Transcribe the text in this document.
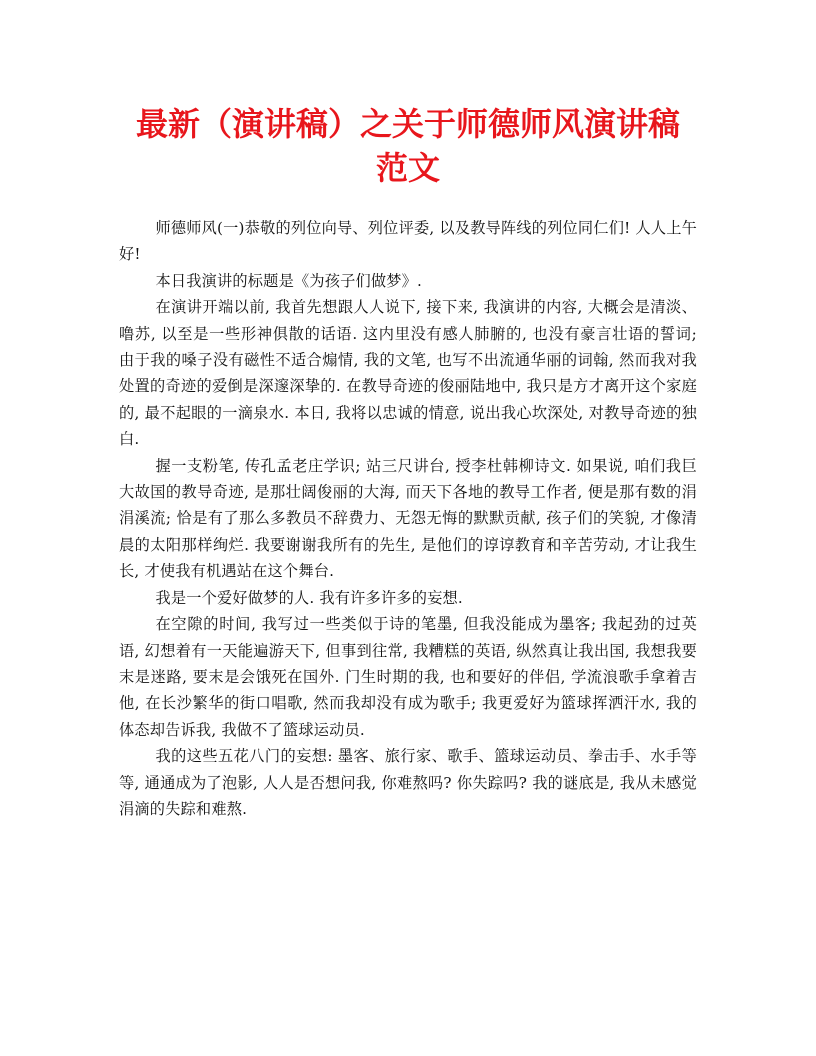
最新（演讲稿）之关于师德师风演讲稿
范文

师德师风(一)恭敬的列位向导、列位评委, 以及教导阵线的列位同仁们! 人人上午好!

本日我演讲的标题是《为孩子们做梦》.

在演讲开端以前, 我首先想跟人人说下, 接下来, 我演讲的内容, 大概会是清淡、噜苏, 以至是一些形神俱散的话语. 这内里没有感人肺腑的, 也没有豪言壮语的誓词; 由于我的嗓子没有磁性不适合煽情, 我的文笔, 也写不出流通华丽的词翰, 然而我对我处置的奇迹的爱倒是深邃深挚的. 在教导奇迹的俊丽陆地中, 我只是方才离开这个家庭的, 最不起眼的一滴泉水. 本日, 我将以忠诚的情意, 说出我心坎深处, 对教导奇迹的独白.

握一支粉笔, 传孔孟老庄学识; 站三尺讲台, 授李杜韩柳诗文. 如果说, 咱们我巨大故国的教导奇迹, 是那壮阔俊丽的大海, 而天下各地的教导工作者, 便是那有数的涓涓溪流; 恰是有了那么多教员不辞费力、无怨无悔的默默贡献, 孩子们的笑貌, 才像清晨的太阳那样绚烂. 我要谢谢我所有的先生, 是他们的谆谆教育和辛苦劳动, 才让我生长, 才使我有机遇站在这个舞台.

我是一个爱好做梦的人. 我有许多许多的妄想.

在空隙的时间, 我写过一些类似于诗的笔墨, 但我没能成为墨客; 我起劲的过英语, 幻想着有一天能遍游天下, 但事到往常, 我糟糕的英语, 纵然真让我出国, 我想我要末是迷路, 要末是会饿死在国外. 门生时期的我, 也和要好的伴侣, 学流浪歌手拿着吉他, 在长沙繁华的街口唱歌, 然而我却没有成为歌手; 我更爱好为篮球挥洒汗水, 我的体态却告诉我, 我做不了篮球运动员.

我的这些五花八门的妄想: 墨客、旅行家、歌手、篮球运动员、拳击手、水手等等, 通通成为了泡影, 人人是否想问我, 你难熬吗? 你失踪吗? 我的谜底是, 我从未感觉涓滴的失踪和难熬.
